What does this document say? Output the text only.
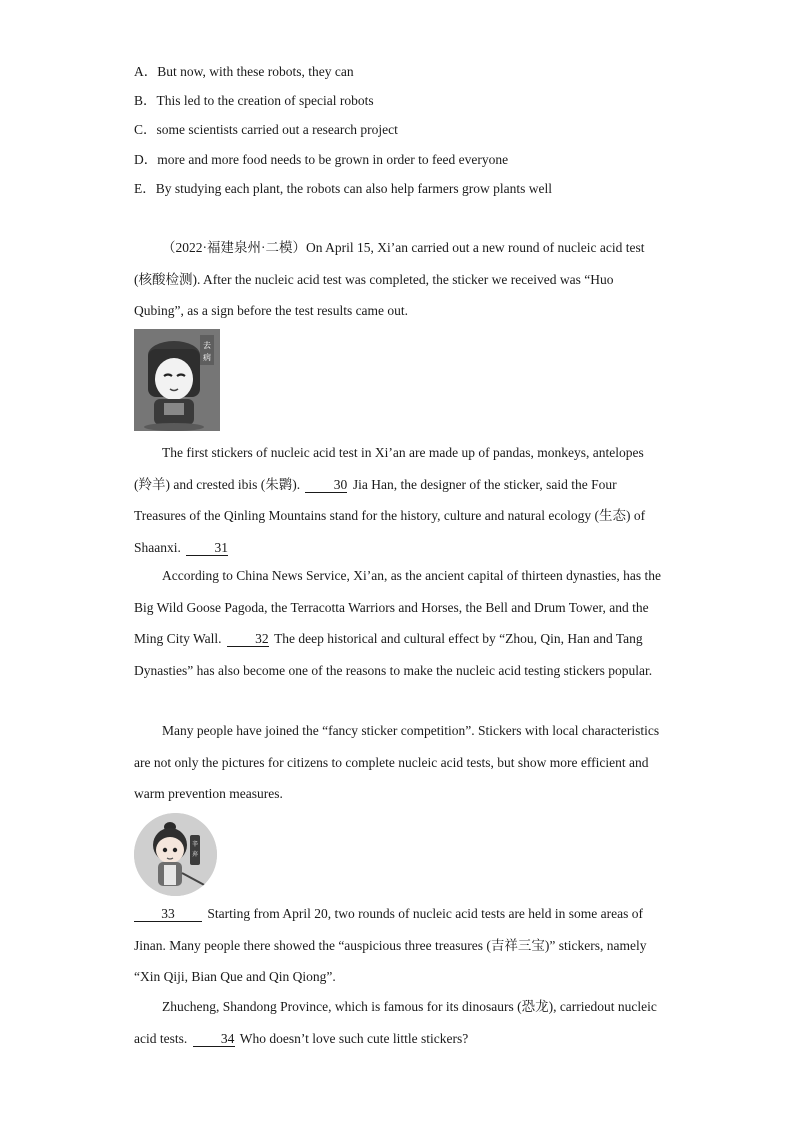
A．But now, with these robots, they can
B．This led to the creation of special robots
C．some scientists carried out a research project
D．more and more food needs to be grown in order to feed everyone
E．By studying each plant, the robots can also help farmers grow plants well
（2022·福建泉州·二模）On April 15, Xi’an carried out a new round of nucleic acid test (核酸检测). After the nucleic acid test was completed, the sticker we received was “Huo Qubing”, as a sign before the test results came out.
去
病
The first stickers of nucleic acid test in Xi’an are made up of pandas, monkeys, antelopes (羚羊) and crested ibis (朱鹮). 30 Jia Han, the designer of the sticker, said the Four Treasures of the Qinling Mountains stand for the history, culture and natural ecology (生态) of Shaanxi. 31
According to China News Service, Xi’an, as the ancient capital of thirteen dynasties, has the Big Wild Goose Pagoda, the Terracotta Warriors and Horses, the Bell and Drum Tower, and the Ming City Wall. 32 The deep historical and cultural effect by “Zhou, Qin, Han and Tang Dynasties” has also become one of the reasons to make the nucleic acid testing stickers popular.
Many people have joined the “fancy sticker competition”. Stickers with local characteristics are not only the pictures for citizens to complete nucleic acid tests, but show more efficient and warm prevention measures.
辛
弃
33 Starting from April 20, two rounds of nucleic acid tests are held in some areas of Jinan. Many people there showed the “auspicious three treasures (吉祥三宝)” stickers, namely “Xin Qiji, Bian Que and Qin Qiong”.
Zhucheng, Shandong Province, which is famous for its dinosaurs (恐龙), carriedout nucleic acid tests. 34 Who doesn’t love such cute little stickers?
